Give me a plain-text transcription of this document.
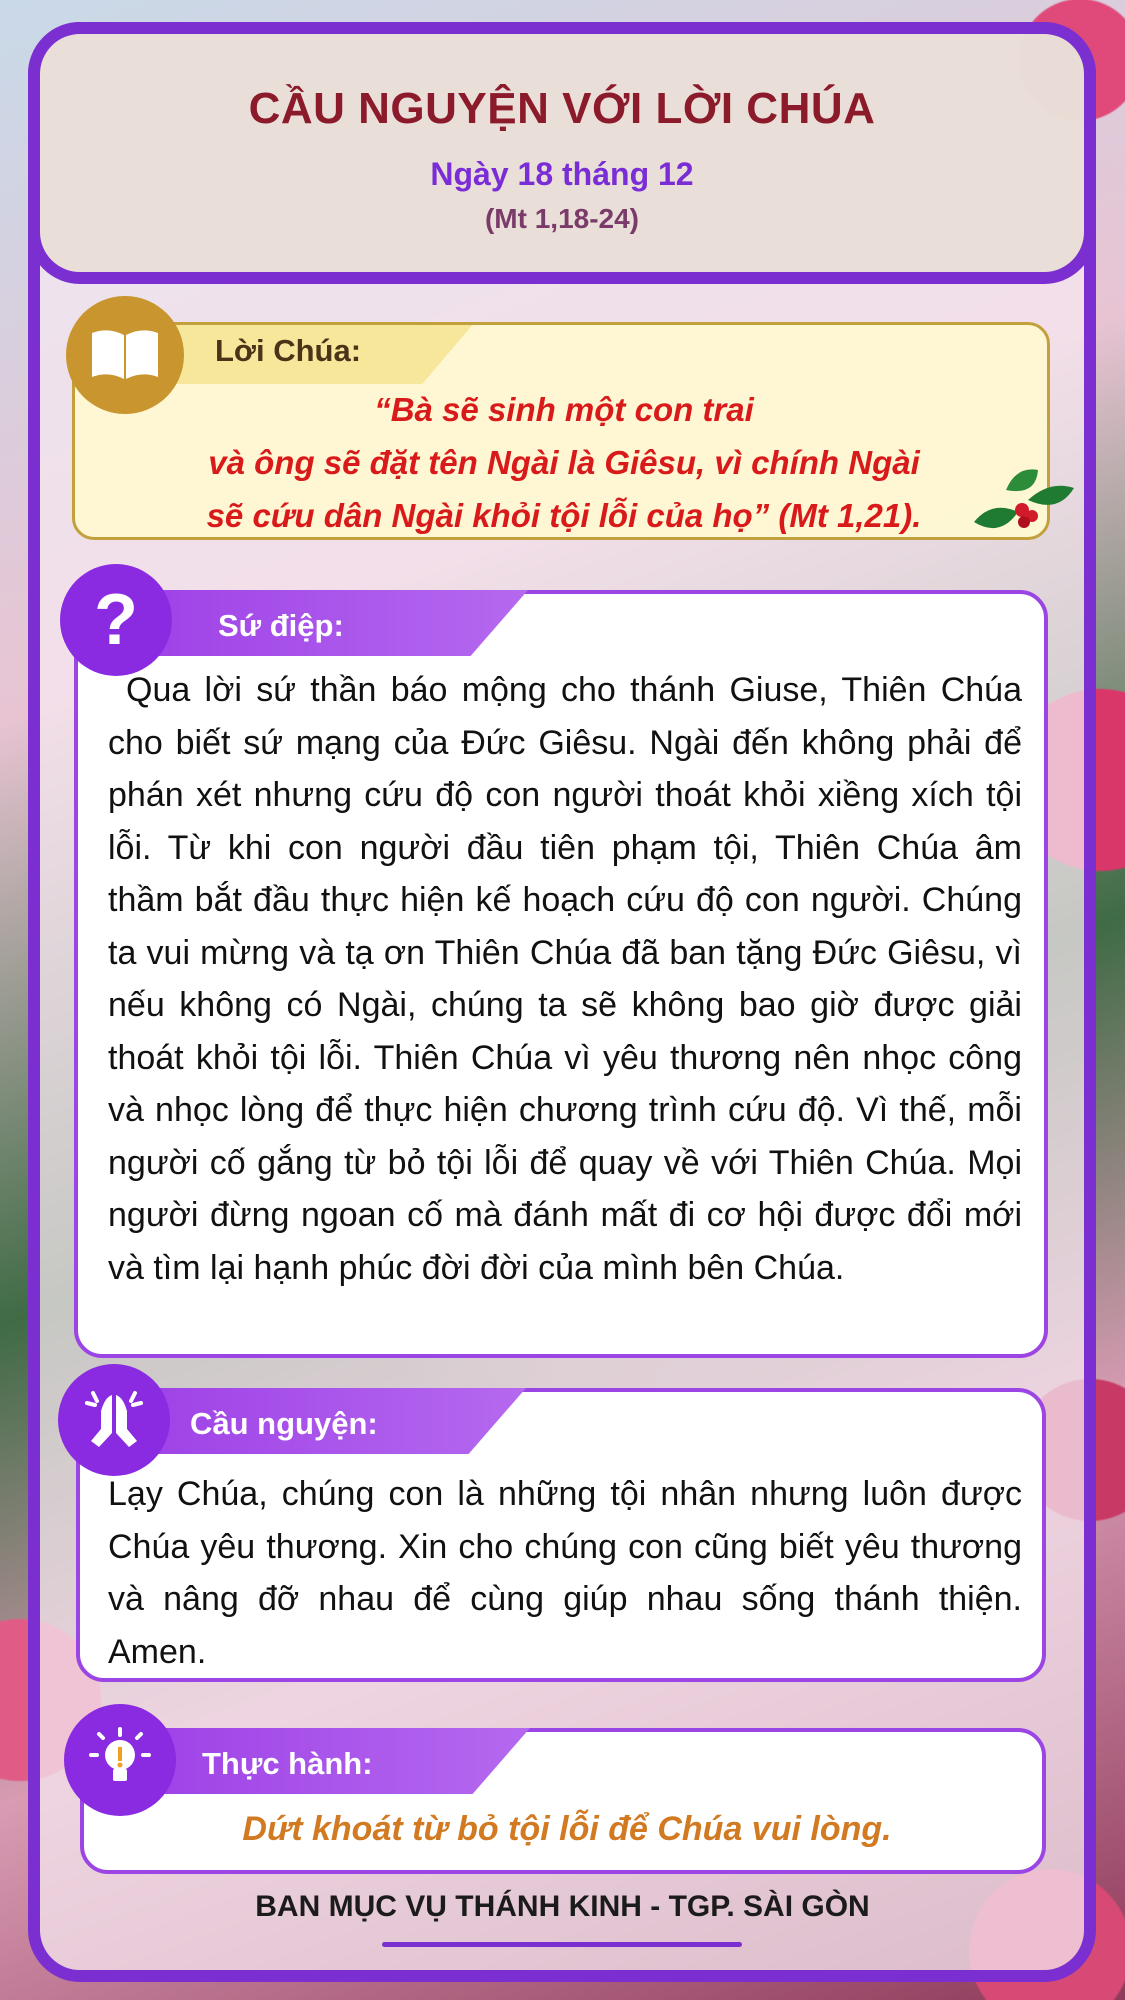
CẦU NGUYỆN VỚI LỜI CHÚA
Ngày 18 tháng 12
(Mt 1,18-24)
Lời Chúa:
“Bà sẽ sinh một con trai
và ông sẽ đặt tên Ngài là Giêsu, vì chính Ngài
sẽ cứu dân Ngài khỏi tội lỗi của họ” (Mt 1,21).
Sứ điệp:
Qua lời sứ thần báo mộng cho thánh Giuse, Thiên Chúa cho biết sứ mạng của Đức Giêsu. Ngài đến không phải để phán xét nhưng cứu độ con người thoát khỏi xiềng xích tội lỗi. Từ khi con người đầu tiên phạm tội, Thiên Chúa âm thầm bắt đầu thực hiện kế hoạch cứu độ con người. Chúng ta vui mừng và tạ ơn Thiên Chúa đã ban tặng Đức Giêsu, vì nếu không có Ngài, chúng ta sẽ không bao giờ được giải thoát khỏi tội lỗi. Thiên Chúa vì yêu thương nên nhọc công và nhọc lòng để thực hiện chương trình cứu độ. Vì thế, mỗi người cố gắng từ bỏ tội lỗi để quay về với Thiên Chúa. Mọi người đừng ngoan cố mà đánh mất đi cơ hội được đổi mới và tìm lại hạnh phúc đời đời của mình bên Chúa.
?
Cầu nguyện:
Lạy Chúa, chúng con là những tội nhân nhưng luôn được Chúa yêu thương. Xin cho chúng con cũng biết yêu thương và nâng đỡ nhau để cùng giúp nhau sống thánh thiện. Amen.
Thực hành:
Dứt khoát từ bỏ tội lỗi để Chúa vui lòng.
BAN MỤC VỤ THÁNH KINH - TGP. SÀI GÒN
